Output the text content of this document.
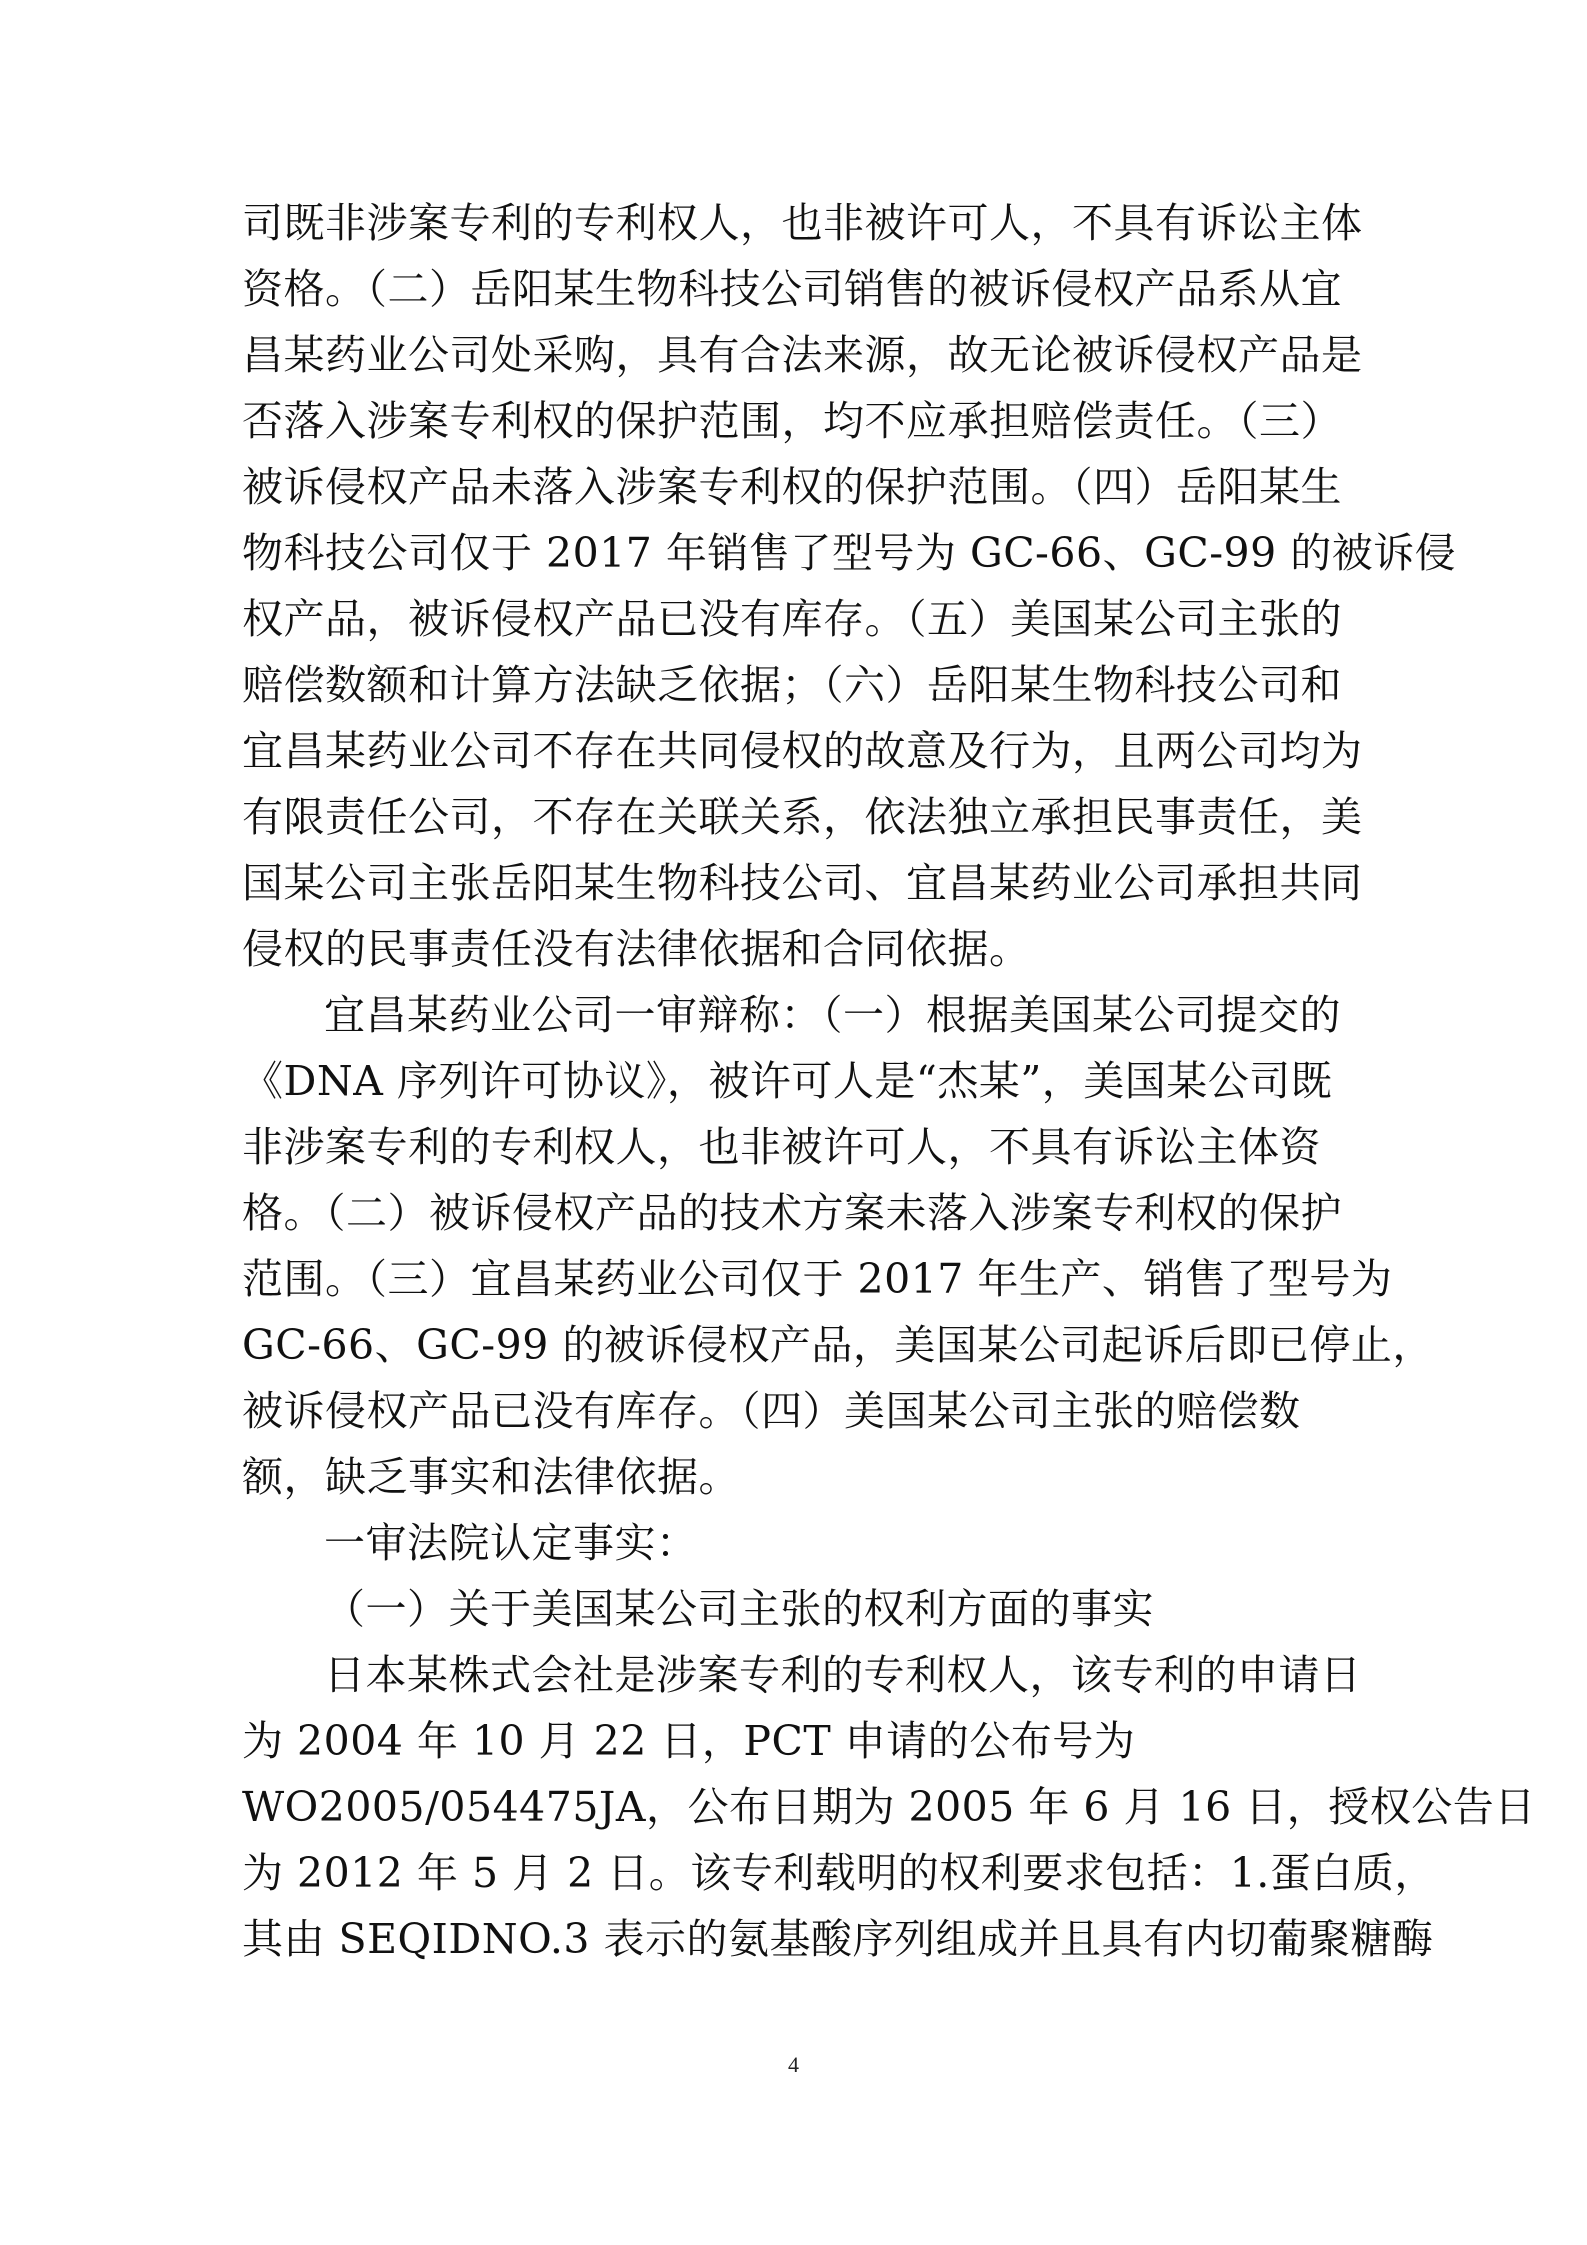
司既非涉案专利的专利权人，也非被许可人，不具有诉讼主体
资格。（二）岳阳某生物科技公司销售的被诉侵权产品系从宜
昌某药业公司处采购，具有合法来源，故无论被诉侵权产品是
否落入涉案专利权的保护范围，均不应承担赔偿责任。（三）
被诉侵权产品未落入涉案专利权的保护范围。（四）岳阳某生
物科技公司仅于 2017 年销售了型号为 GC-66、GC-99 的被诉侵
权产品，被诉侵权产品已没有库存。（五）美国某公司主张的
赔偿数额和计算方法缺乏依据；（六）岳阳某生物科技公司和
宜昌某药业公司不存在共同侵权的故意及行为，且两公司均为
有限责任公司，不存在关联关系，依法独立承担民事责任，美
国某公司主张岳阳某生物科技公司、宜昌某药业公司承担共同
侵权的民事责任没有法律依据和合同依据。
宜昌某药业公司一审辩称：（一）根据美国某公司提交的
《DNA 序列许可协议》，被许可人是“杰某”，美国某公司既
非涉案专利的专利权人，也非被许可人，不具有诉讼主体资
格。（二）被诉侵权产品的技术方案未落入涉案专利权的保护
范围。（三）宜昌某药业公司仅于 2017 年生产、销售了型号为
GC-66、GC-99 的被诉侵权产品，美国某公司起诉后即已停止，
被诉侵权产品已没有库存。（四）美国某公司主张的赔偿数
额，缺乏事实和法律依据。
一审法院认定事实：
（一）关于美国某公司主张的权利方面的事实
日本某株式会社是涉案专利的专利权人，该专利的申请日
为 2004 年 10 月 22 日，PCT 申请的公布号为
WO2005/054475JA，公布日期为 2005 年 6 月 16 日，授权公告日
为 2012 年 5 月 2 日。该专利载明的权利要求包括：1.蛋白质，
其由 SEQIDNO.3 表示的氨基酸序列组成并且具有内切葡聚糖酶
4
